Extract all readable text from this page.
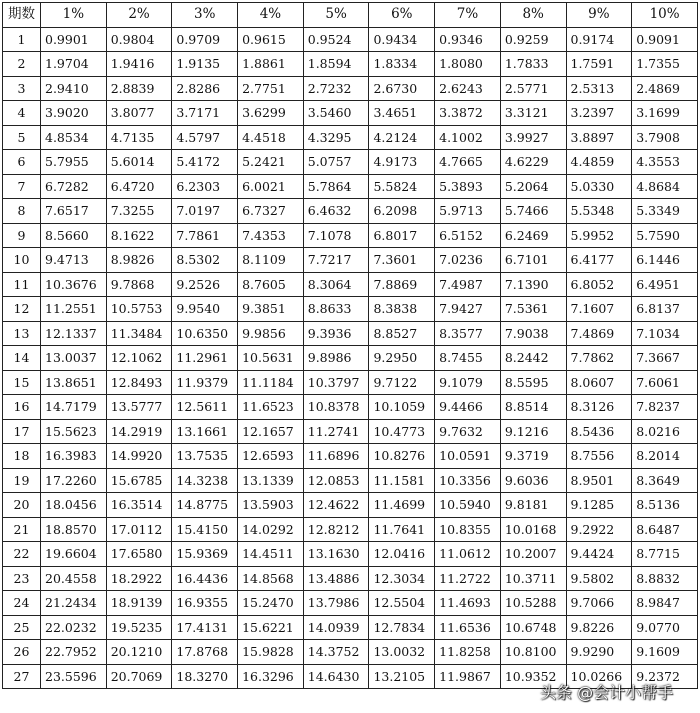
期数	1%	2%	3%	4%	5%	6%	7%	8%	9%	10%
1	0.9901	0.9804	0.9709	0.9615	0.9524	0.9434	0.9346	0.9259	0.9174	0.9091
2	1.9704	1.9416	1.9135	1.8861	1.8594	1.8334	1.8080	1.7833	1.7591	1.7355
3	2.9410	2.8839	2.8286	2.7751	2.7232	2.6730	2.6243	2.5771	2.5313	2.4869
4	3.9020	3.8077	3.7171	3.6299	3.5460	3.4651	3.3872	3.3121	3.2397	3.1699
5	4.8534	4.7135	4.5797	4.4518	4.3295	4.2124	4.1002	3.9927	3.8897	3.7908
6	5.7955	5.6014	5.4172	5.2421	5.0757	4.9173	4.7665	4.6229	4.4859	4.3553
7	6.7282	6.4720	6.2303	6.0021	5.7864	5.5824	5.3893	5.2064	5.0330	4.8684
8	7.6517	7.3255	7.0197	6.7327	6.4632	6.2098	5.9713	5.7466	5.5348	5.3349
9	8.5660	8.1622	7.7861	7.4353	7.1078	6.8017	6.5152	6.2469	5.9952	5.7590
10	9.4713	8.9826	8.5302	8.1109	7.7217	7.3601	7.0236	6.7101	6.4177	6.1446
11	10.3676	9.7868	9.2526	8.7605	8.3064	7.8869	7.4987	7.1390	6.8052	6.4951
12	11.2551	10.5753	9.9540	9.3851	8.8633	8.3838	7.9427	7.5361	7.1607	6.8137
13	12.1337	11.3484	10.6350	9.9856	9.3936	8.8527	8.3577	7.9038	7.4869	7.1034
14	13.0037	12.1062	11.2961	10.5631	9.8986	9.2950	8.7455	8.2442	7.7862	7.3667
15	13.8651	12.8493	11.9379	11.1184	10.3797	9.7122	9.1079	8.5595	8.0607	7.6061
16	14.7179	13.5777	12.5611	11.6523	10.8378	10.1059	9.4466	8.8514	8.3126	7.8237
17	15.5623	14.2919	13.1661	12.1657	11.2741	10.4773	9.7632	9.1216	8.5436	8.0216
18	16.3983	14.9920	13.7535	12.6593	11.6896	10.8276	10.0591	9.3719	8.7556	8.2014
19	17.2260	15.6785	14.3238	13.1339	12.0853	11.1581	10.3356	9.6036	8.9501	8.3649
20	18.0456	16.3514	14.8775	13.5903	12.4622	11.4699	10.5940	9.8181	9.1285	8.5136
21	18.8570	17.0112	15.4150	14.0292	12.8212	11.7641	10.8355	10.0168	9.2922	8.6487
22	19.6604	17.6580	15.9369	14.4511	13.1630	12.0416	11.0612	10.2007	9.4424	8.7715
23	20.4558	18.2922	16.4436	14.8568	13.4886	12.3034	11.2722	10.3711	9.5802	8.8832
24	21.2434	18.9139	16.9355	15.2470	13.7986	12.5504	11.4693	10.5288	9.7066	8.9847
25	22.0232	19.5235	17.4131	15.6221	14.0939	12.7834	11.6536	10.6748	9.8226	9.0770
26	22.7952	20.1210	17.8768	15.9828	14.3752	13.0032	11.8258	10.8100	9.9290	9.1609
27	23.5596	20.7069	18.3270	16.3296	14.6430	13.2105	11.9867	10.9352	10.0266	9.2372
头条 @会计小帮手
